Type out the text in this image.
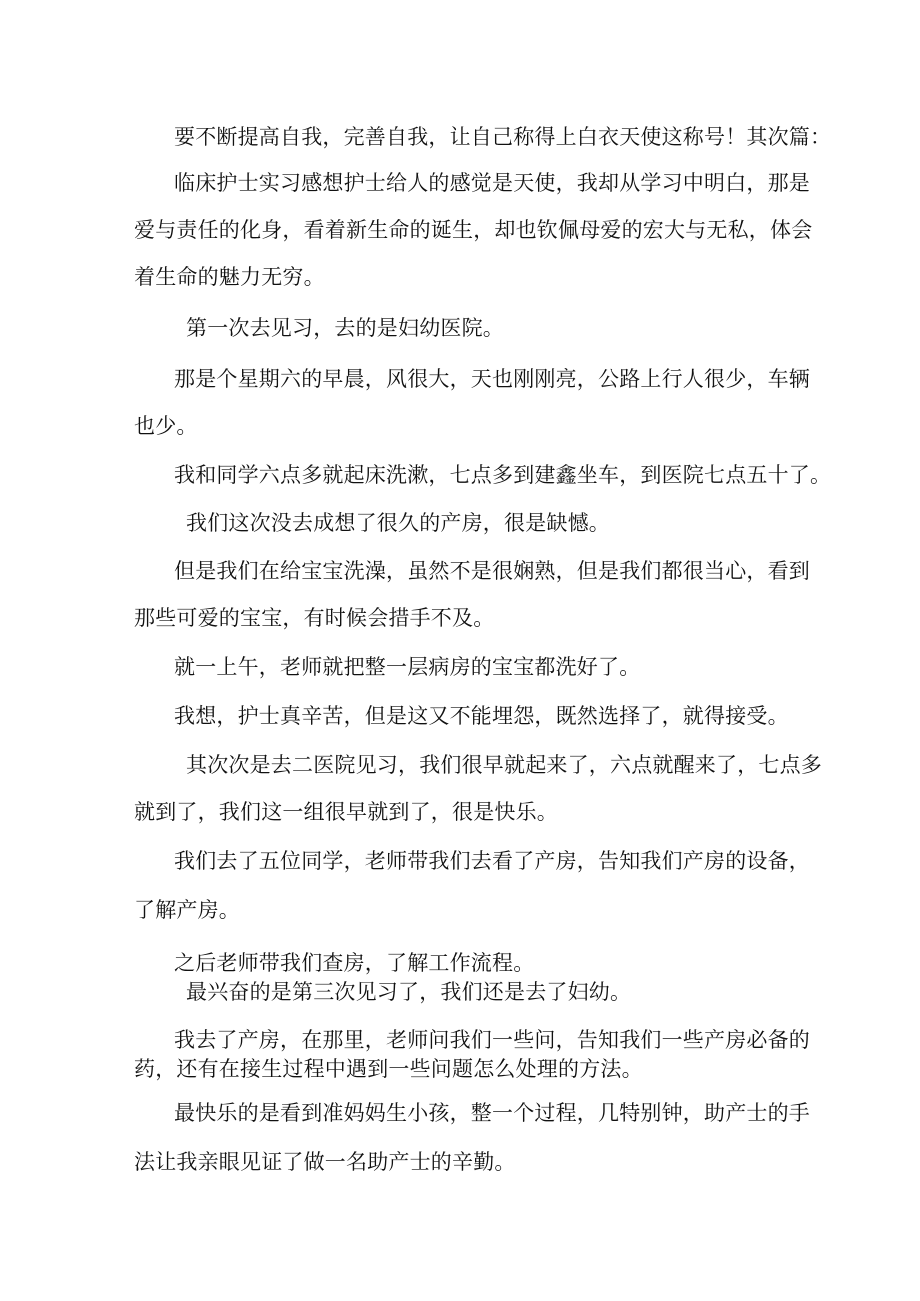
要不断提高自我，完善自我，让自己称得上白衣天使这称号！其次篇：

临床护士实习感想护士给人的感觉是天使，我却从学习中明白，那是

爱与责任的化身，看着新生命的诞生，却也钦佩母爱的宏大与无私，体会

着生命的魅力无穷。

第一次去见习，去的是妇幼医院。

那是个星期六的早晨，风很大，天也刚刚亮，公路上行人很少，车辆

也少。

我和同学六点多就起床洗漱，七点多到建鑫坐车，到医院七点五十了。

我们这次没去成想了很久的产房，很是缺憾。

但是我们在给宝宝洗澡，虽然不是很娴熟，但是我们都很当心，看到

那些可爱的宝宝，有时候会措手不及。

就一上午，老师就把整一层病房的宝宝都洗好了。

我想，护士真辛苦，但是这又不能埋怨，既然选择了，就得接受。

其次次是去二医院见习，我们很早就起来了，六点就醒来了，七点多

就到了，我们这一组很早就到了，很是快乐。

我们去了五位同学，老师带我们去看了产房，告知我们产房的设备，

了解产房。

之后老师带我们查房，了解工作流程。

最兴奋的是第三次见习了，我们还是去了妇幼。

我去了产房，在那里，老师问我们一些问，告知我们一些产房必备的

药，还有在接生过程中遇到一些问题怎么处理的方法。

最快乐的是看到准妈妈生小孩，整一个过程，几特别钟，助产士的手

法让我亲眼见证了做一名助产士的辛勤。
